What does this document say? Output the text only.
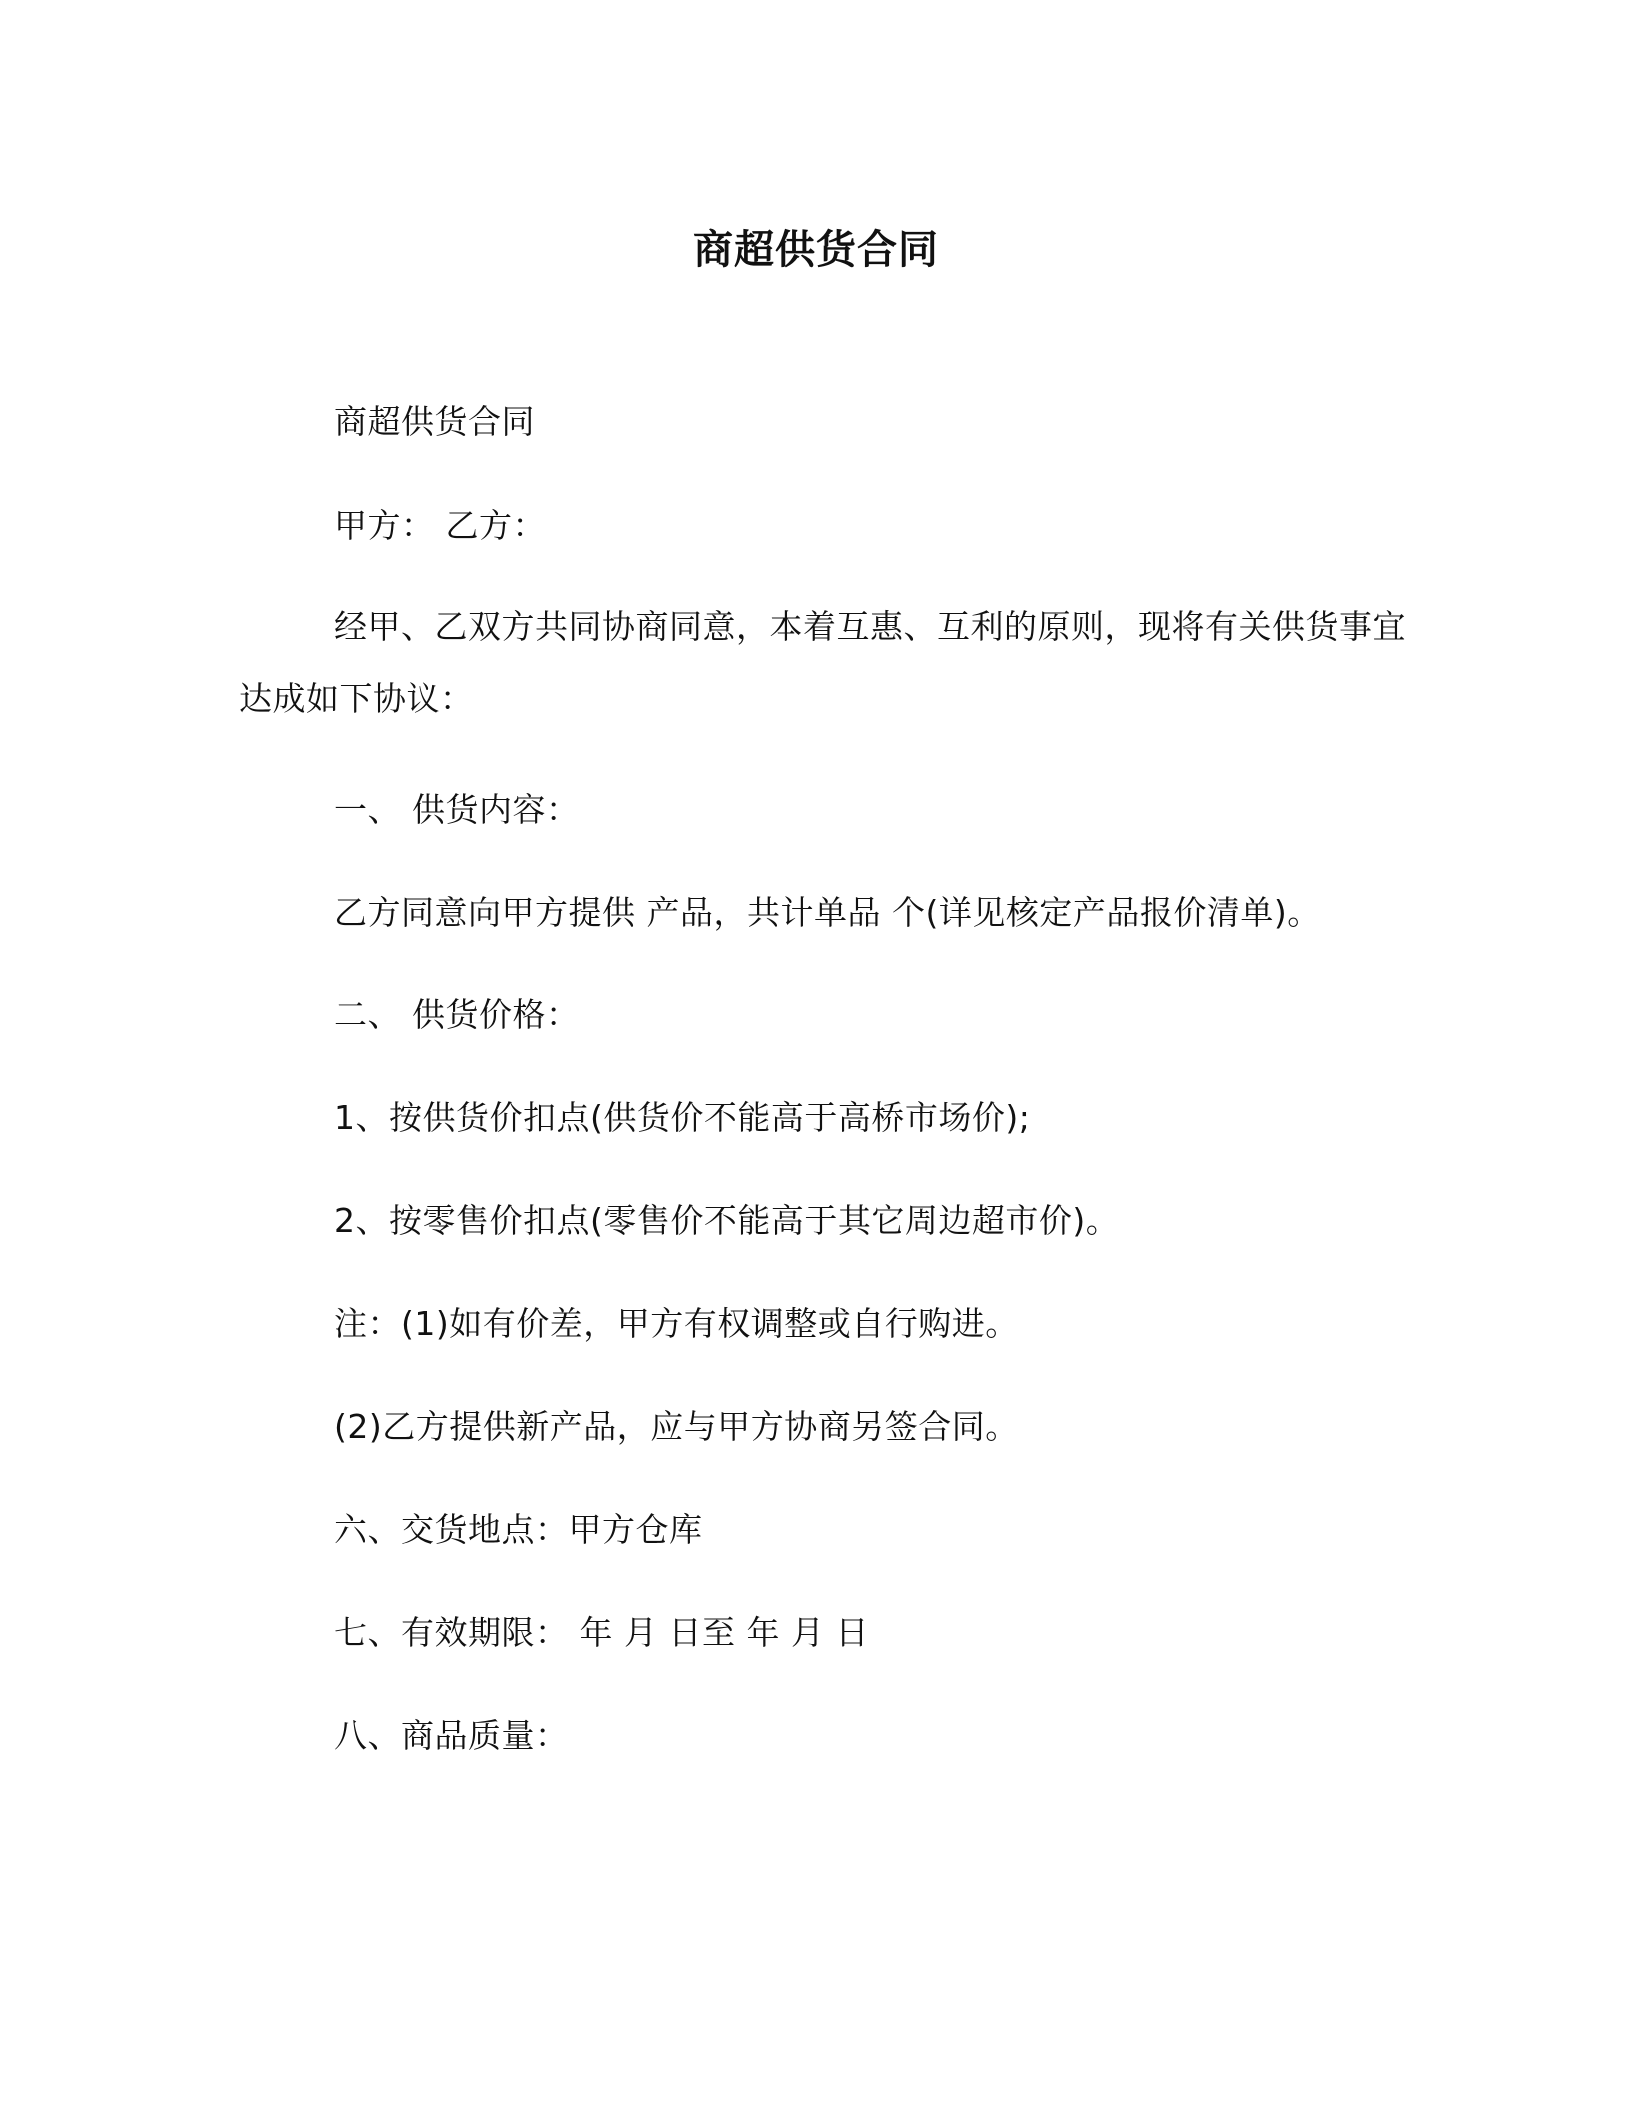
商超供货合同
商超供货合同
甲方： 乙方：
经甲、乙双方共同协商同意，本着互惠、互利的原则，现将有关供货事宜达成如下协议：
一、 供货内容：
乙方同意向甲方提供 产品，共计单品 个(详见核定产品报价清单)。
二、 供货价格：
1、按供货价扣点(供货价不能高于高桥市场价);
2、按零售价扣点(零售价不能高于其它周边超市价)。
注：(1)如有价差，甲方有权调整或自行购进。
(2)乙方提供新产品，应与甲方协商另签合同。
六、交货地点：甲方仓库
七、有效期限： 年 月 日至 年 月 日
八、商品质量：
